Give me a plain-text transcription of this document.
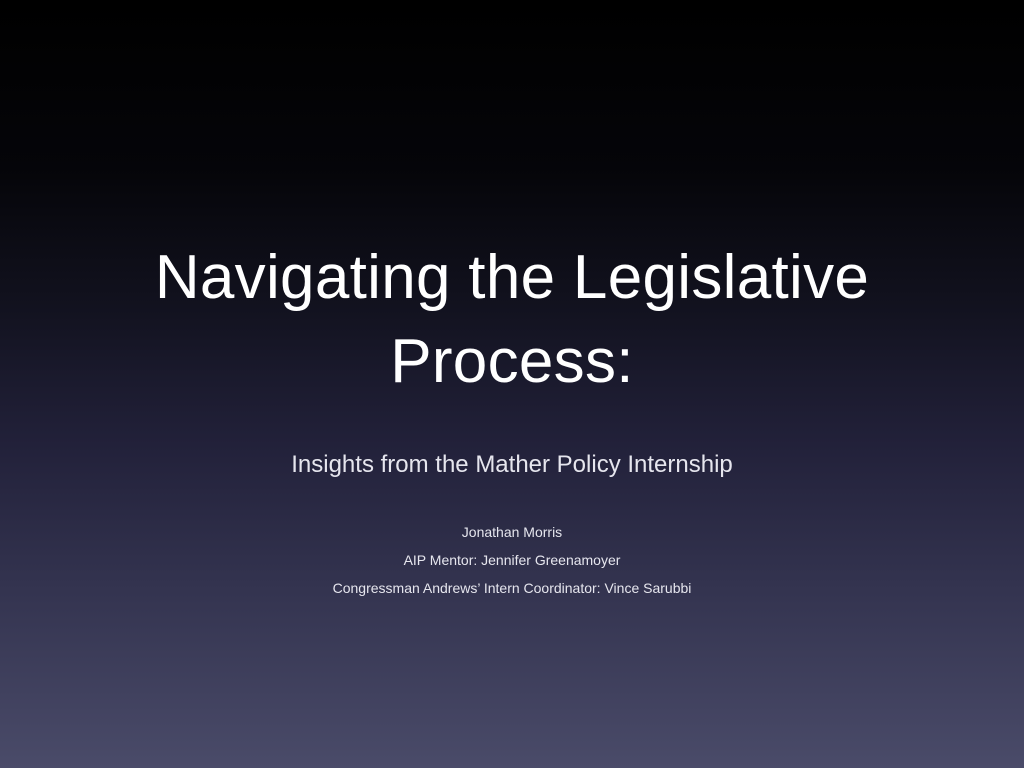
Navigating the Legislative
Process:

Insights from the Mather Policy Internship

Jonathan Morris
AIP Mentor: Jennifer Greenamoyer
Congressman Andrews’ Intern Coordinator: Vince Sarubbi
